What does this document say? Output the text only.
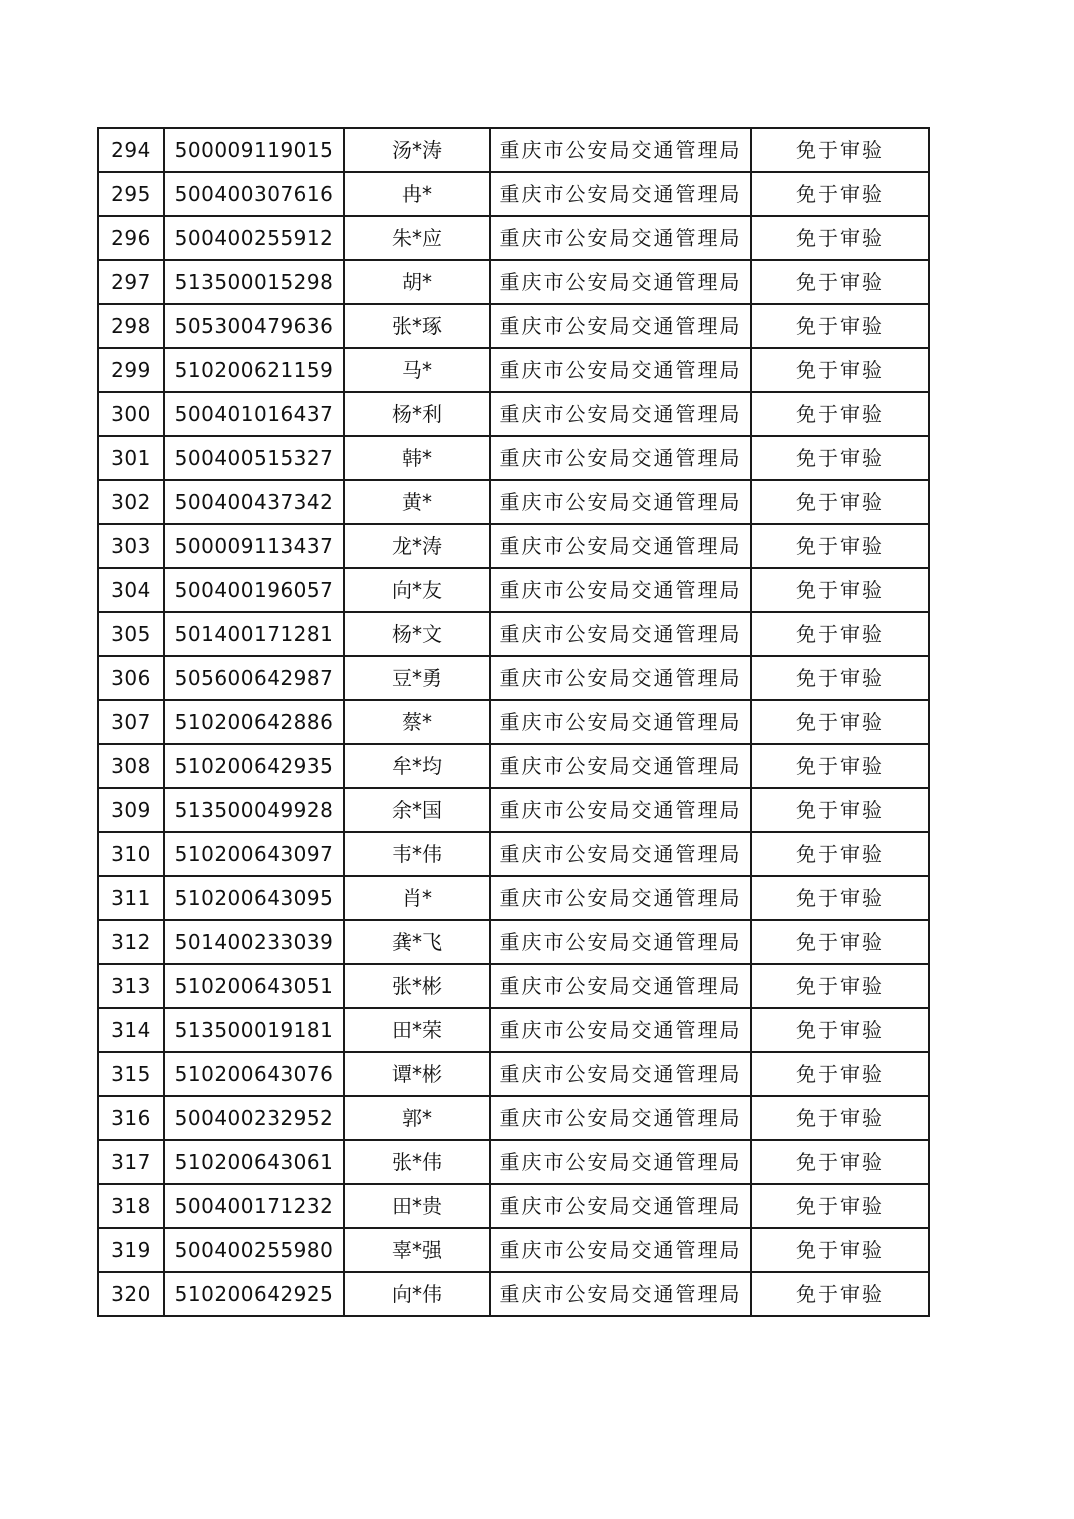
294	500009119015	汤*涛	重庆市公安局交通管理局	免于审验
295	500400307616	冉*	重庆市公安局交通管理局	免于审验
296	500400255912	朱*应	重庆市公安局交通管理局	免于审验
297	513500015298	胡*	重庆市公安局交通管理局	免于审验
298	505300479636	张*琢	重庆市公安局交通管理局	免于审验
299	510200621159	马*	重庆市公安局交通管理局	免于审验
300	500401016437	杨*利	重庆市公安局交通管理局	免于审验
301	500400515327	韩*	重庆市公安局交通管理局	免于审验
302	500400437342	黄*	重庆市公安局交通管理局	免于审验
303	500009113437	龙*涛	重庆市公安局交通管理局	免于审验
304	500400196057	向*友	重庆市公安局交通管理局	免于审验
305	501400171281	杨*文	重庆市公安局交通管理局	免于审验
306	505600642987	豆*勇	重庆市公安局交通管理局	免于审验
307	510200642886	蔡*	重庆市公安局交通管理局	免于审验
308	510200642935	牟*均	重庆市公安局交通管理局	免于审验
309	513500049928	余*国	重庆市公安局交通管理局	免于审验
310	510200643097	韦*伟	重庆市公安局交通管理局	免于审验
311	510200643095	肖*	重庆市公安局交通管理局	免于审验
312	501400233039	龚*飞	重庆市公安局交通管理局	免于审验
313	510200643051	张*彬	重庆市公安局交通管理局	免于审验
314	513500019181	田*荣	重庆市公安局交通管理局	免于审验
315	510200643076	谭*彬	重庆市公安局交通管理局	免于审验
316	500400232952	郭*	重庆市公安局交通管理局	免于审验
317	510200643061	张*伟	重庆市公安局交通管理局	免于审验
318	500400171232	田*贵	重庆市公安局交通管理局	免于审验
319	500400255980	辜*强	重庆市公安局交通管理局	免于审验
320	510200642925	向*伟	重庆市公安局交通管理局	免于审验
